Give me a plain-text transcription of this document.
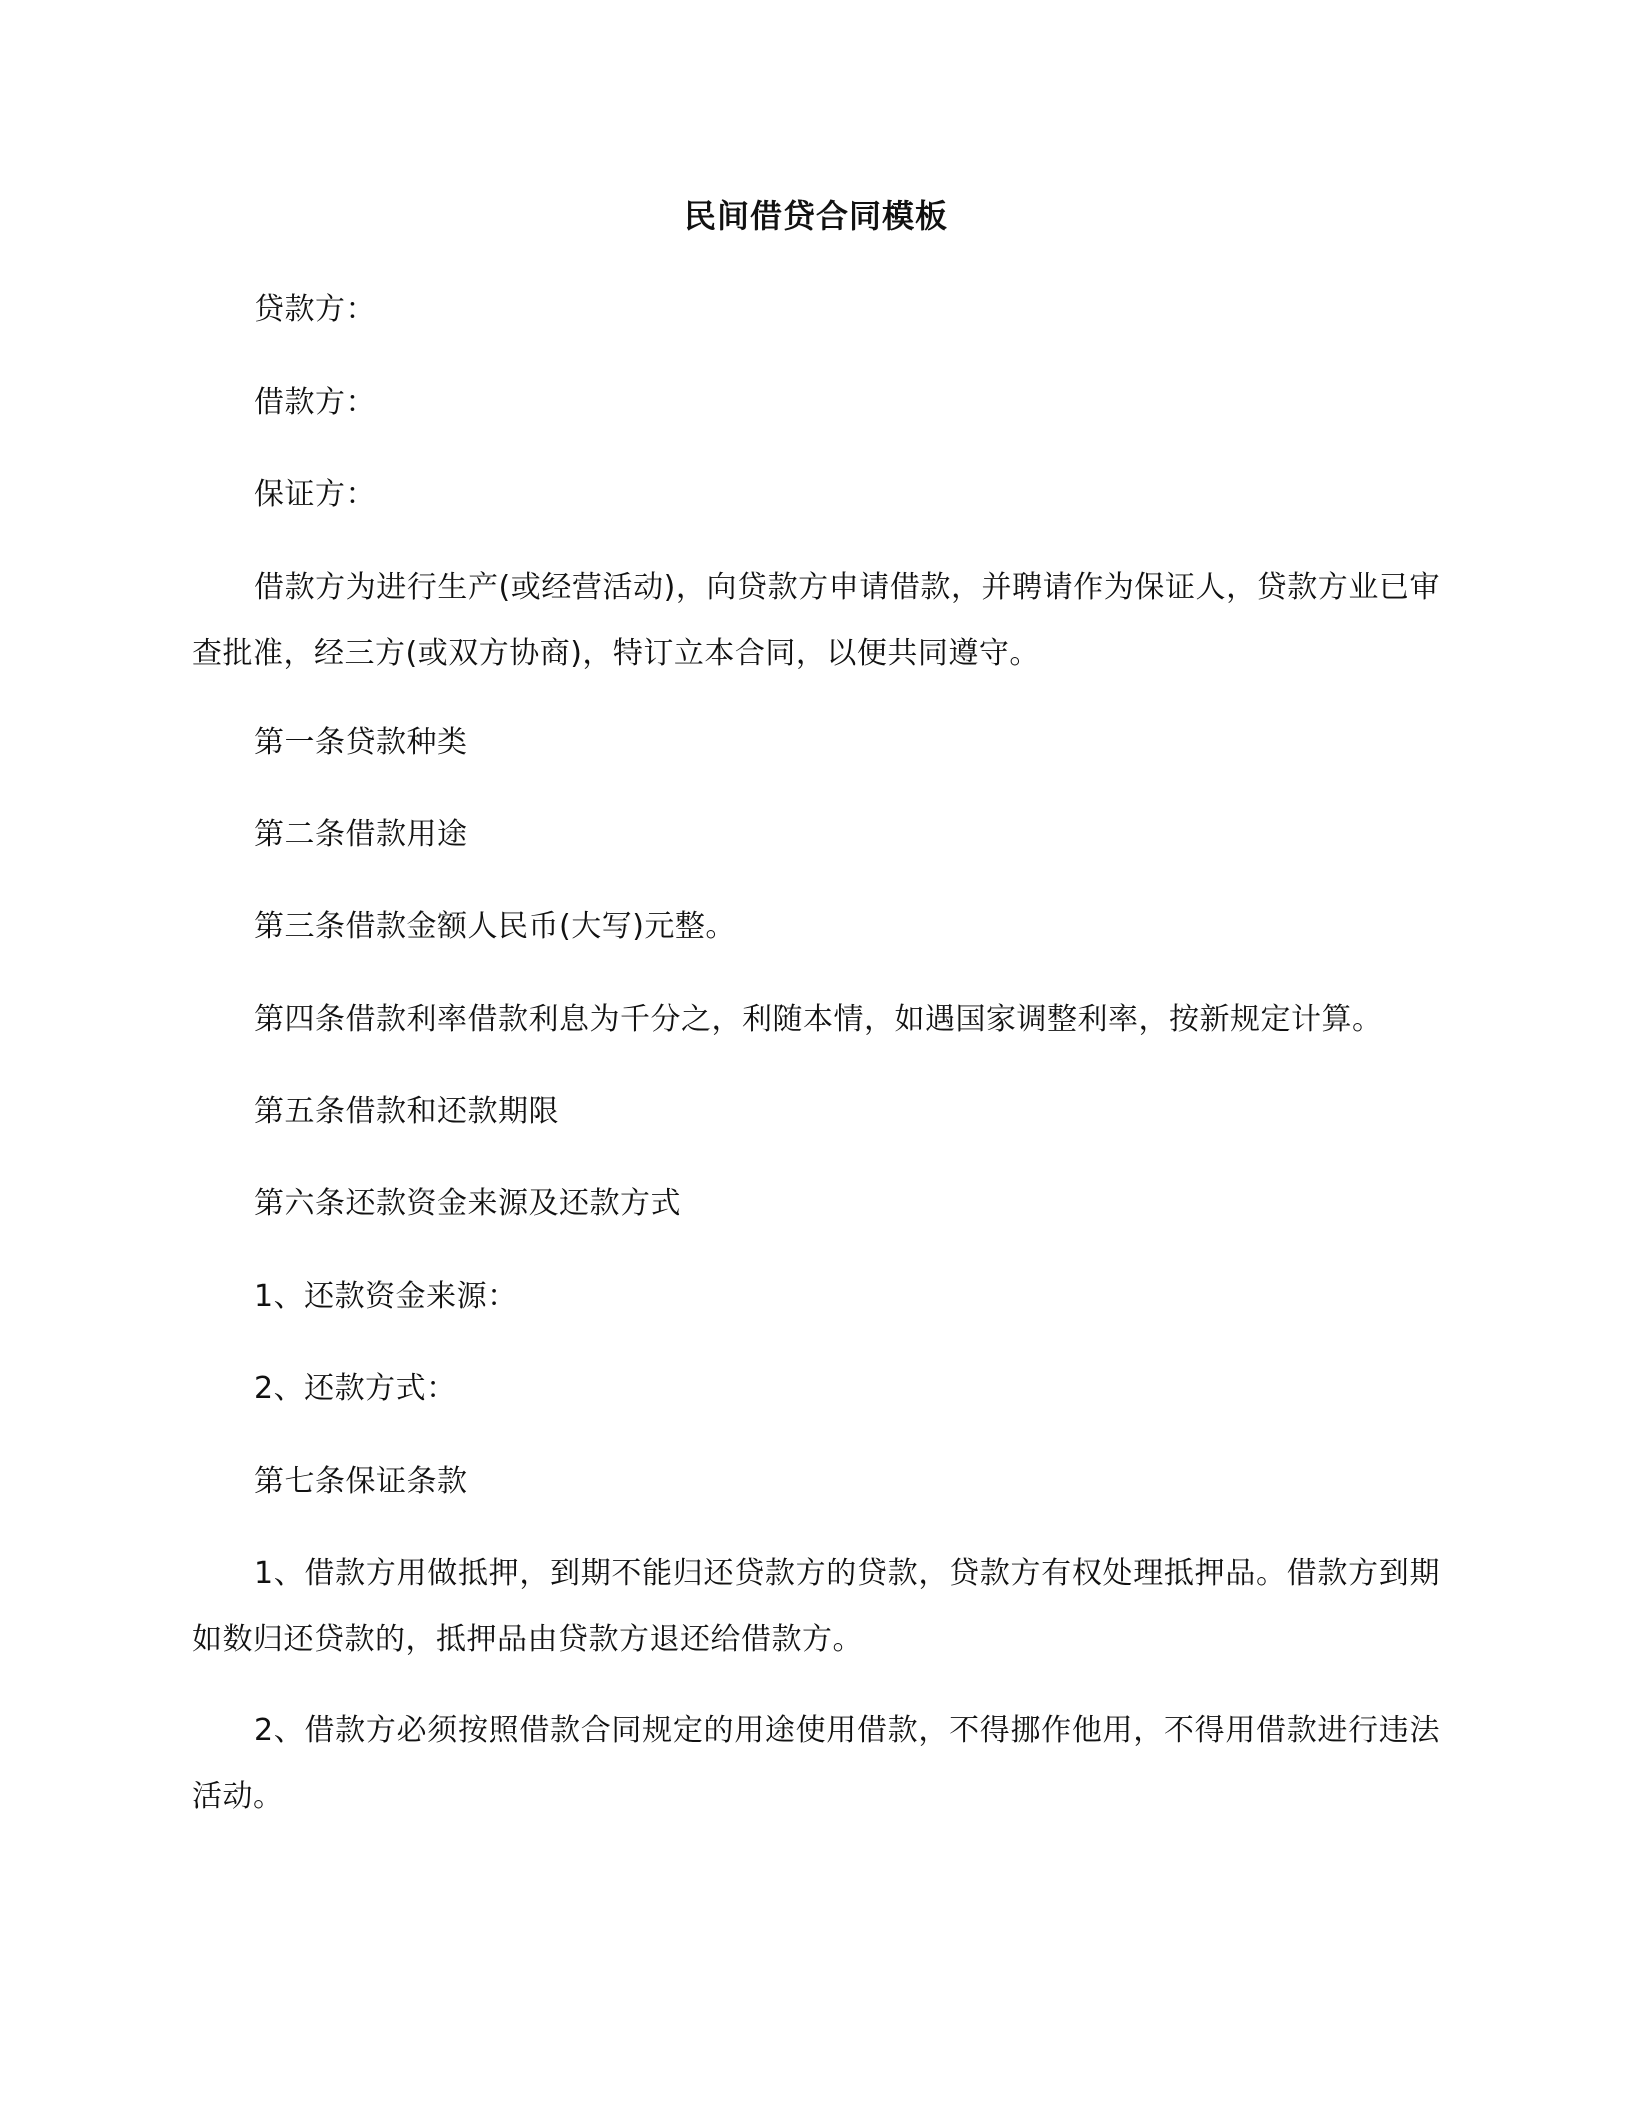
民间借贷合同模板

贷款方：

借款方：

保证方：

借款方为进行生产(或经营活动)，向贷款方申请借款，并聘请作为保证人，贷款方业已审查批准，经三方(或双方协商)，特订立本合同，以便共同遵守。

第一条贷款种类

第二条借款用途

第三条借款金额人民币(大写)元整。

第四条借款利率借款利息为千分之，利随本情，如遇国家调整利率，按新规定计算。

第五条借款和还款期限

第六条还款资金来源及还款方式

1、还款资金来源：

2、还款方式：

第七条保证条款

1、借款方用做抵押，到期不能归还贷款方的贷款，贷款方有权处理抵押品。借款方到期如数归还贷款的，抵押品由贷款方退还给借款方。

2、借款方必须按照借款合同规定的用途使用借款，不得挪作他用，不得用借款进行违法活动。
